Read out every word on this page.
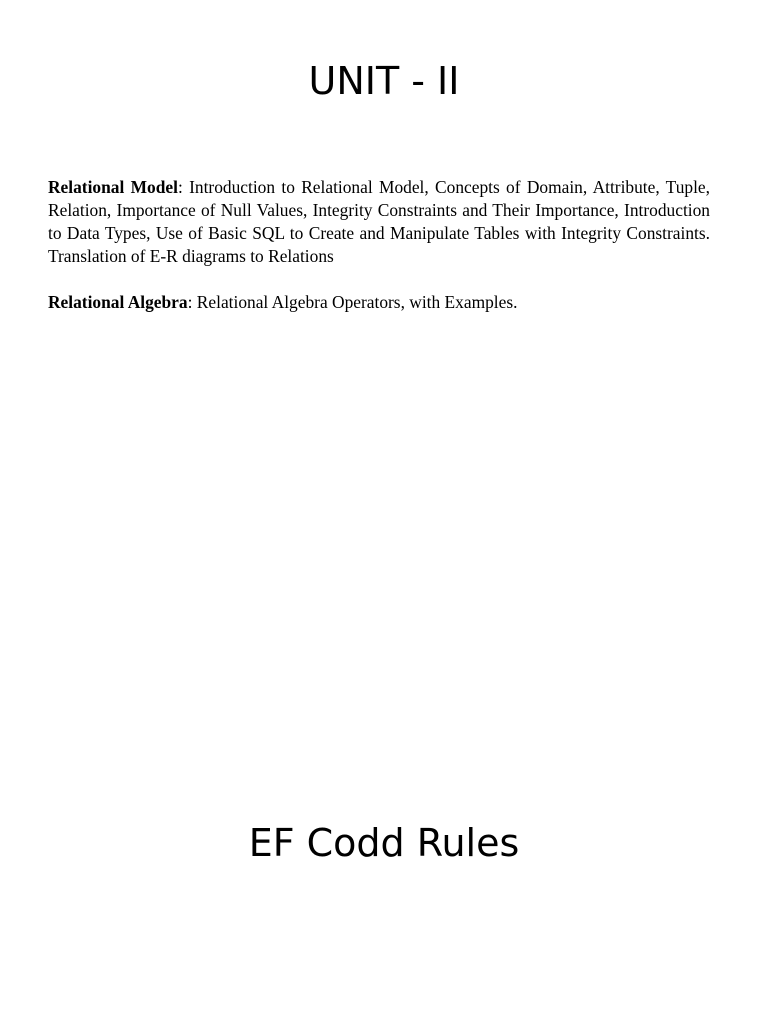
UNIT - II

Relational Model: Introduction to Relational Model, Concepts of Domain, Attribute, Tuple, Relation, Importance of Null Values, Integrity Constraints and Their Importance, Introduction to Data Types, Use of Basic SQL to Create and Manipulate Tables with Integrity Constraints. Translation of E-R diagrams to Relations

Relational Algebra: Relational Algebra Operators, with Examples.

EF Codd Rules
